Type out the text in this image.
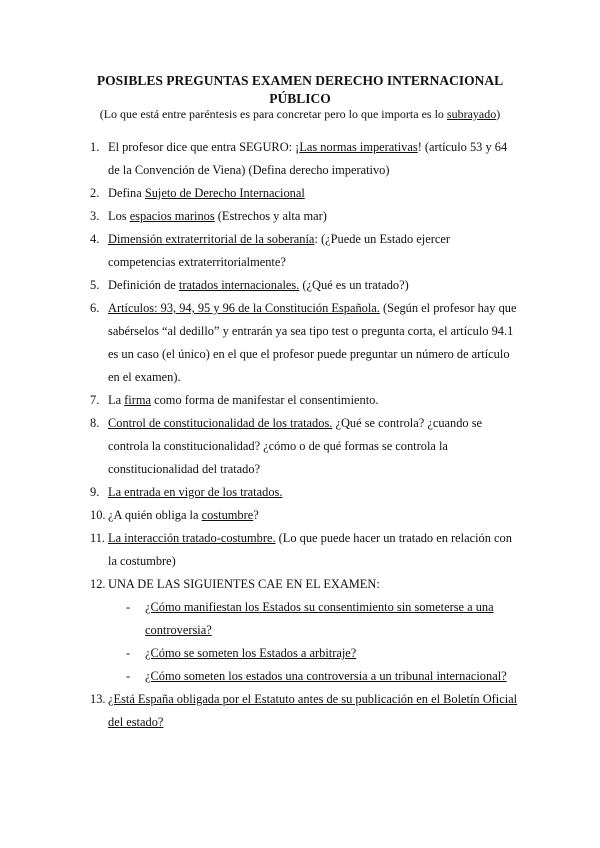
POSIBLES PREGUNTAS EXAMEN DERECHO INTERNACIONAL
PÚBLICO
(Lo que está entre paréntesis es para concretar pero lo que importa es lo subrayado)
1. El profesor dice que entra SEGURO: ¡Las normas imperativas! (artículo 53 y 64 de la Convención de Viena) (Defina derecho imperativo)
2. Defina Sujeto de Derecho Internacional
3. Los espacios marinos (Estrechos y alta mar)
4. Dimensión extraterritorial de la soberanía: (¿Puede un Estado ejercer competencias extraterritorialmente?
5. Definición de tratados internacionales. (¿Qué es un tratado?)
6. Artículos: 93, 94, 95 y 96 de la Constitución Española. (Según el profesor hay que sabérselos “al dedillo” y entrarán ya sea tipo test o pregunta corta, el artículo 94.1 es un caso (el único) en el que el profesor puede preguntar un número de artículo en el examen).
7. La firma como forma de manifestar el consentimiento.
8. Control de constitucionalidad de los tratados. ¿Qué se controla? ¿cuando se controla la constitucionalidad? ¿cómo o de qué formas se controla la constitucionalidad del tratado?
9. La entrada en vigor de los tratados.
10. ¿A quién obliga la costumbre?
11. La interacción tratado-costumbre. (Lo que puede hacer un tratado en relación con la costumbre)
12. UNA DE LAS SIGUIENTES CAE EN EL EXAMEN:
- ¿Cómo manifiestan los Estados su consentimiento sin someterse a una controversia?
- ¿Cómo se someten los Estados a arbitraje?
- ¿Cómo someten los estados una controversia a un tribunal internacional?
13. ¿Está España obligada por el Estatuto antes de su publicación en el Boletín Oficial del estado?
